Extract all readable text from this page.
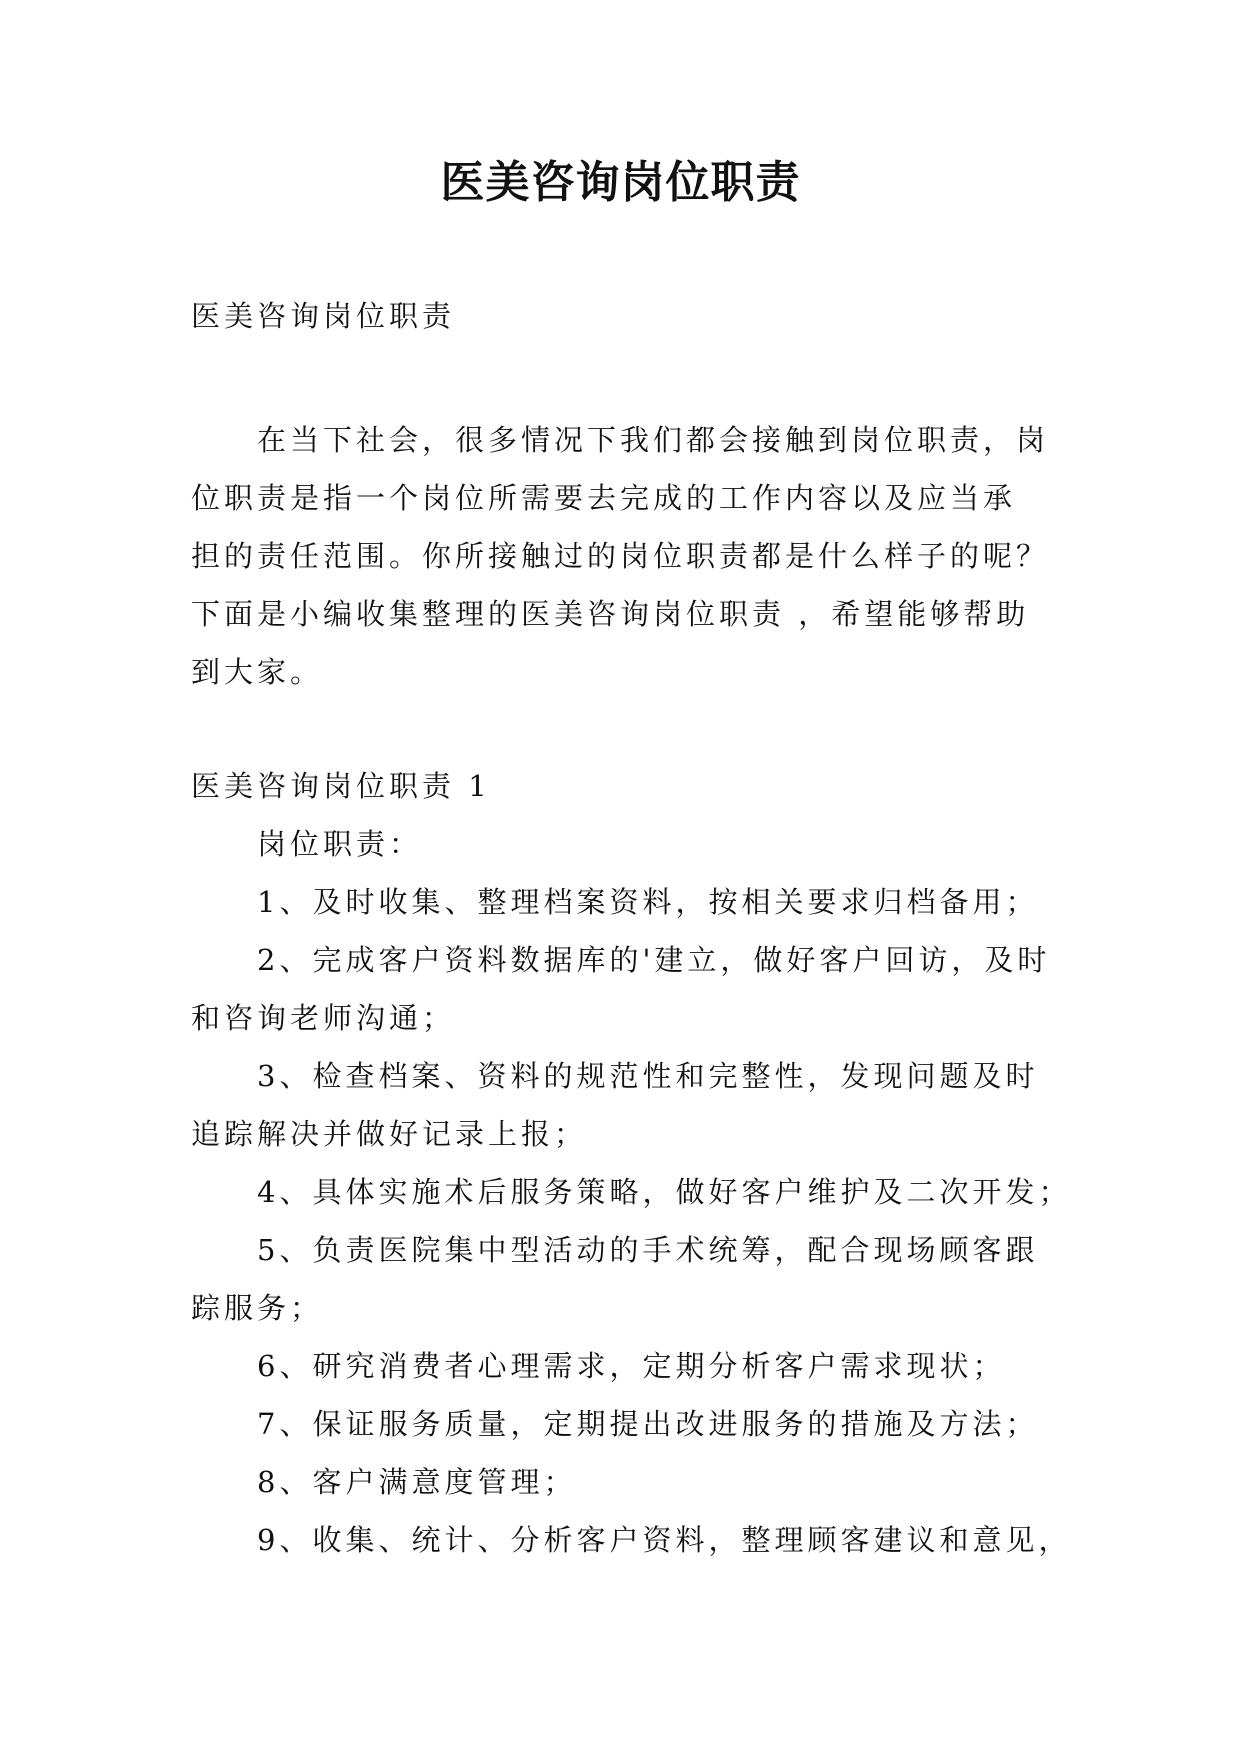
医美咨询岗位职责
医美咨询岗位职责
在当下社会，很多情况下我们都会接触到岗位职责，岗
位职责是指一个岗位所需要去完成的工作内容以及应当承
担的责任范围。你所接触过的岗位职责都是什么样子的呢？
下面是小编收集整理的医美咨询岗位职责 ，希望能够帮助
到大家。
医美咨询岗位职责 1
岗位职责：
1、及时收集、整理档案资料，按相关要求归档备用；
2、完成客户资料数据库的'建立，做好客户回访，及时
和咨询老师沟通；
3、检查档案、资料的规范性和完整性，发现问题及时
追踪解决并做好记录上报；
4、具体实施术后服务策略，做好客户维护及二次开发；
5、负责医院集中型活动的手术统筹，配合现场顾客跟
踪服务；
6、研究消费者心理需求，定期分析客户需求现状；
7、保证服务质量，定期提出改进服务的措施及方法；
8、客户满意度管理；
9、收集、统计、分析客户资料，整理顾客建议和意见，
